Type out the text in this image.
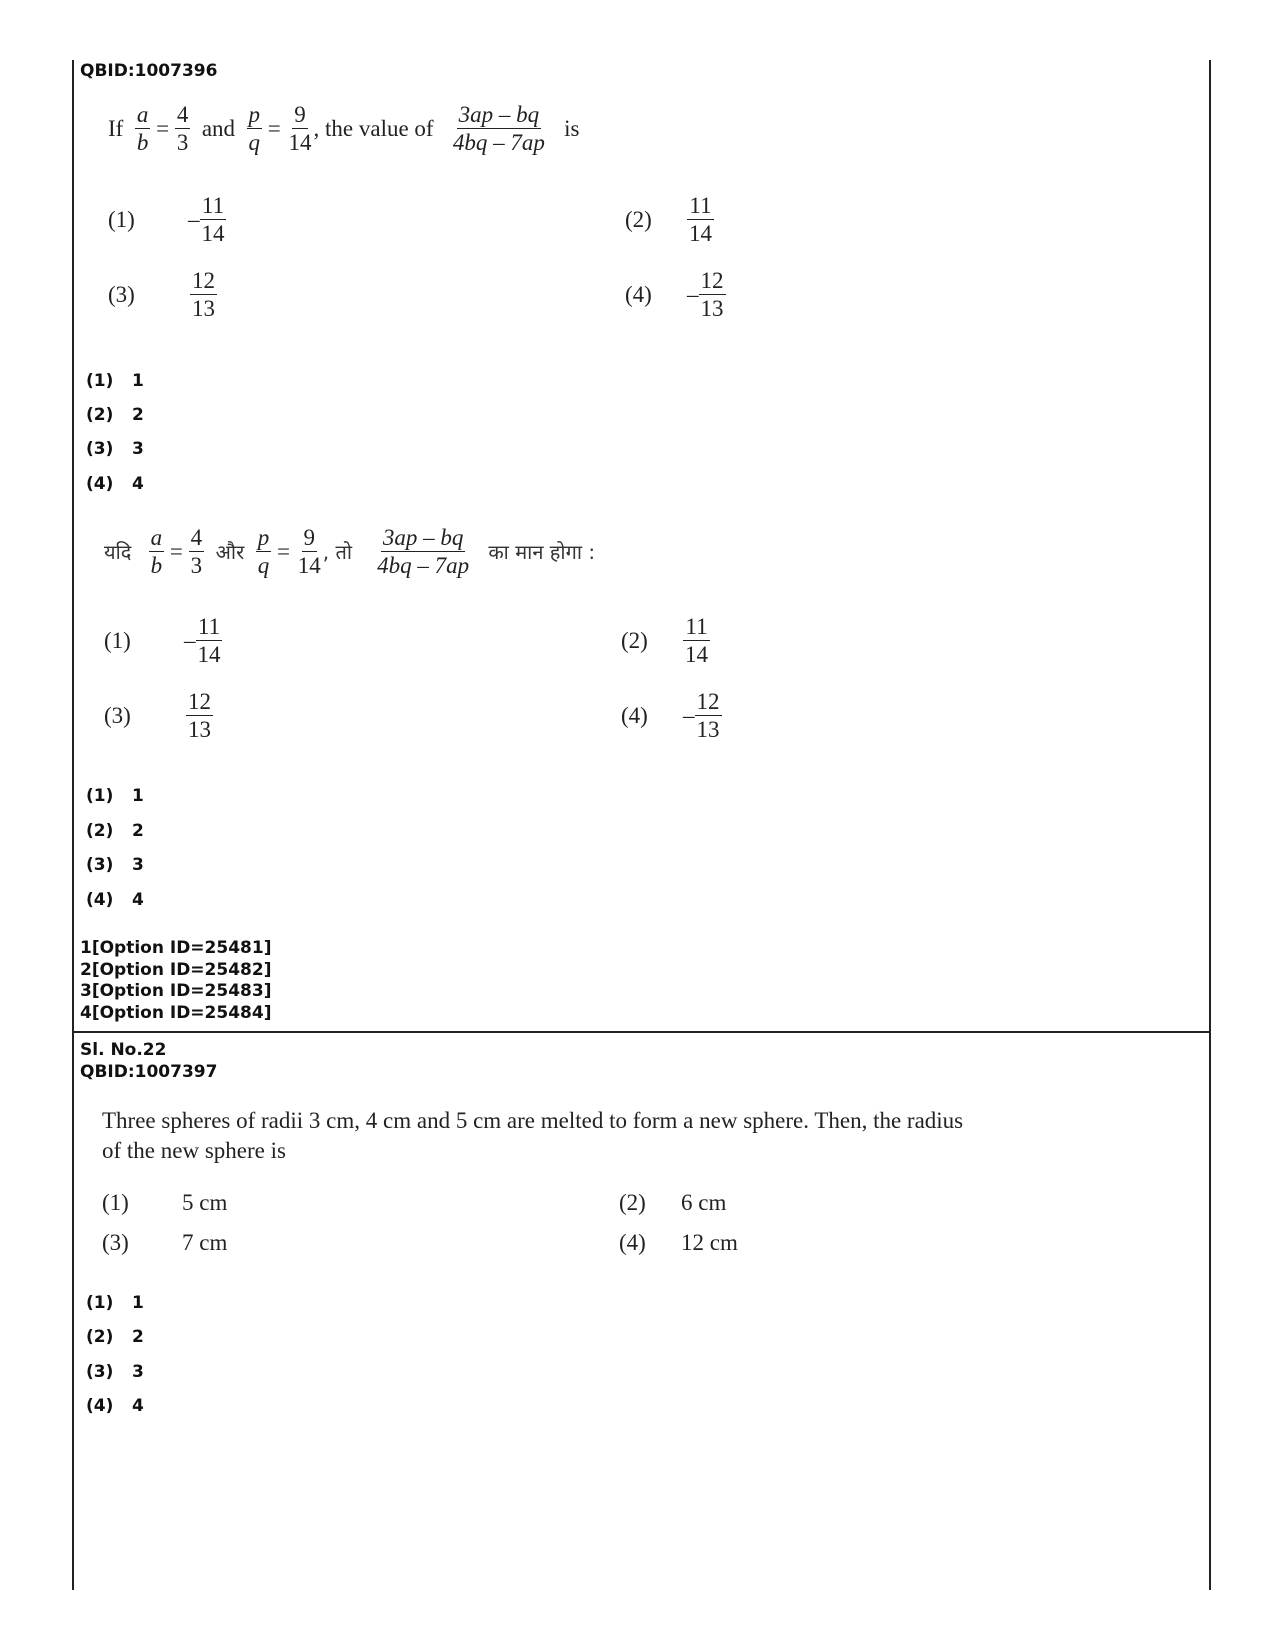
QBID:1007396
If
$\frac{a}{b} = \frac{4}{3}$
and
$\frac{p}{q} = \frac{9}{14}$ , the value of
$\frac{3ap - bq}{4bq - 7ap}$
is
(1)	– $\frac{11}{14}$	(2)	$\frac{11}{14}$
(3)	$\frac{12}{13}$	(4)	– $\frac{12}{13}$
(1) 1
(2) 2
(3) 3
(4) 4
यदि
$\frac{a}{b} = \frac{4}{3}$
और
$\frac{p}{q} = \frac{9}{14}$ , तो
$\frac{3ap - bq}{4bq - 7ap}$
का मान होगा :
(1)	– $\frac{11}{14}$	(2)	$\frac{11}{14}$
(3)	$\frac{12}{13}$	(4)	– $\frac{12}{13}$
(1) 1
(2) 2
(3) 3
(4) 4
1[Option ID=25481]
2[Option ID=25482]
3[Option ID=25483]
4[Option ID=25484]
Sl. No.22
QBID:1007397
Three spheres of radii 3 cm, 4 cm and 5 cm are melted to form a new sphere. Then, the radius
of the new sphere is
(1)	5 cm	(2)	6 cm
(3)	7 cm	(4)	12 cm
(1) 1
(2) 2
(3) 3
(4) 4
